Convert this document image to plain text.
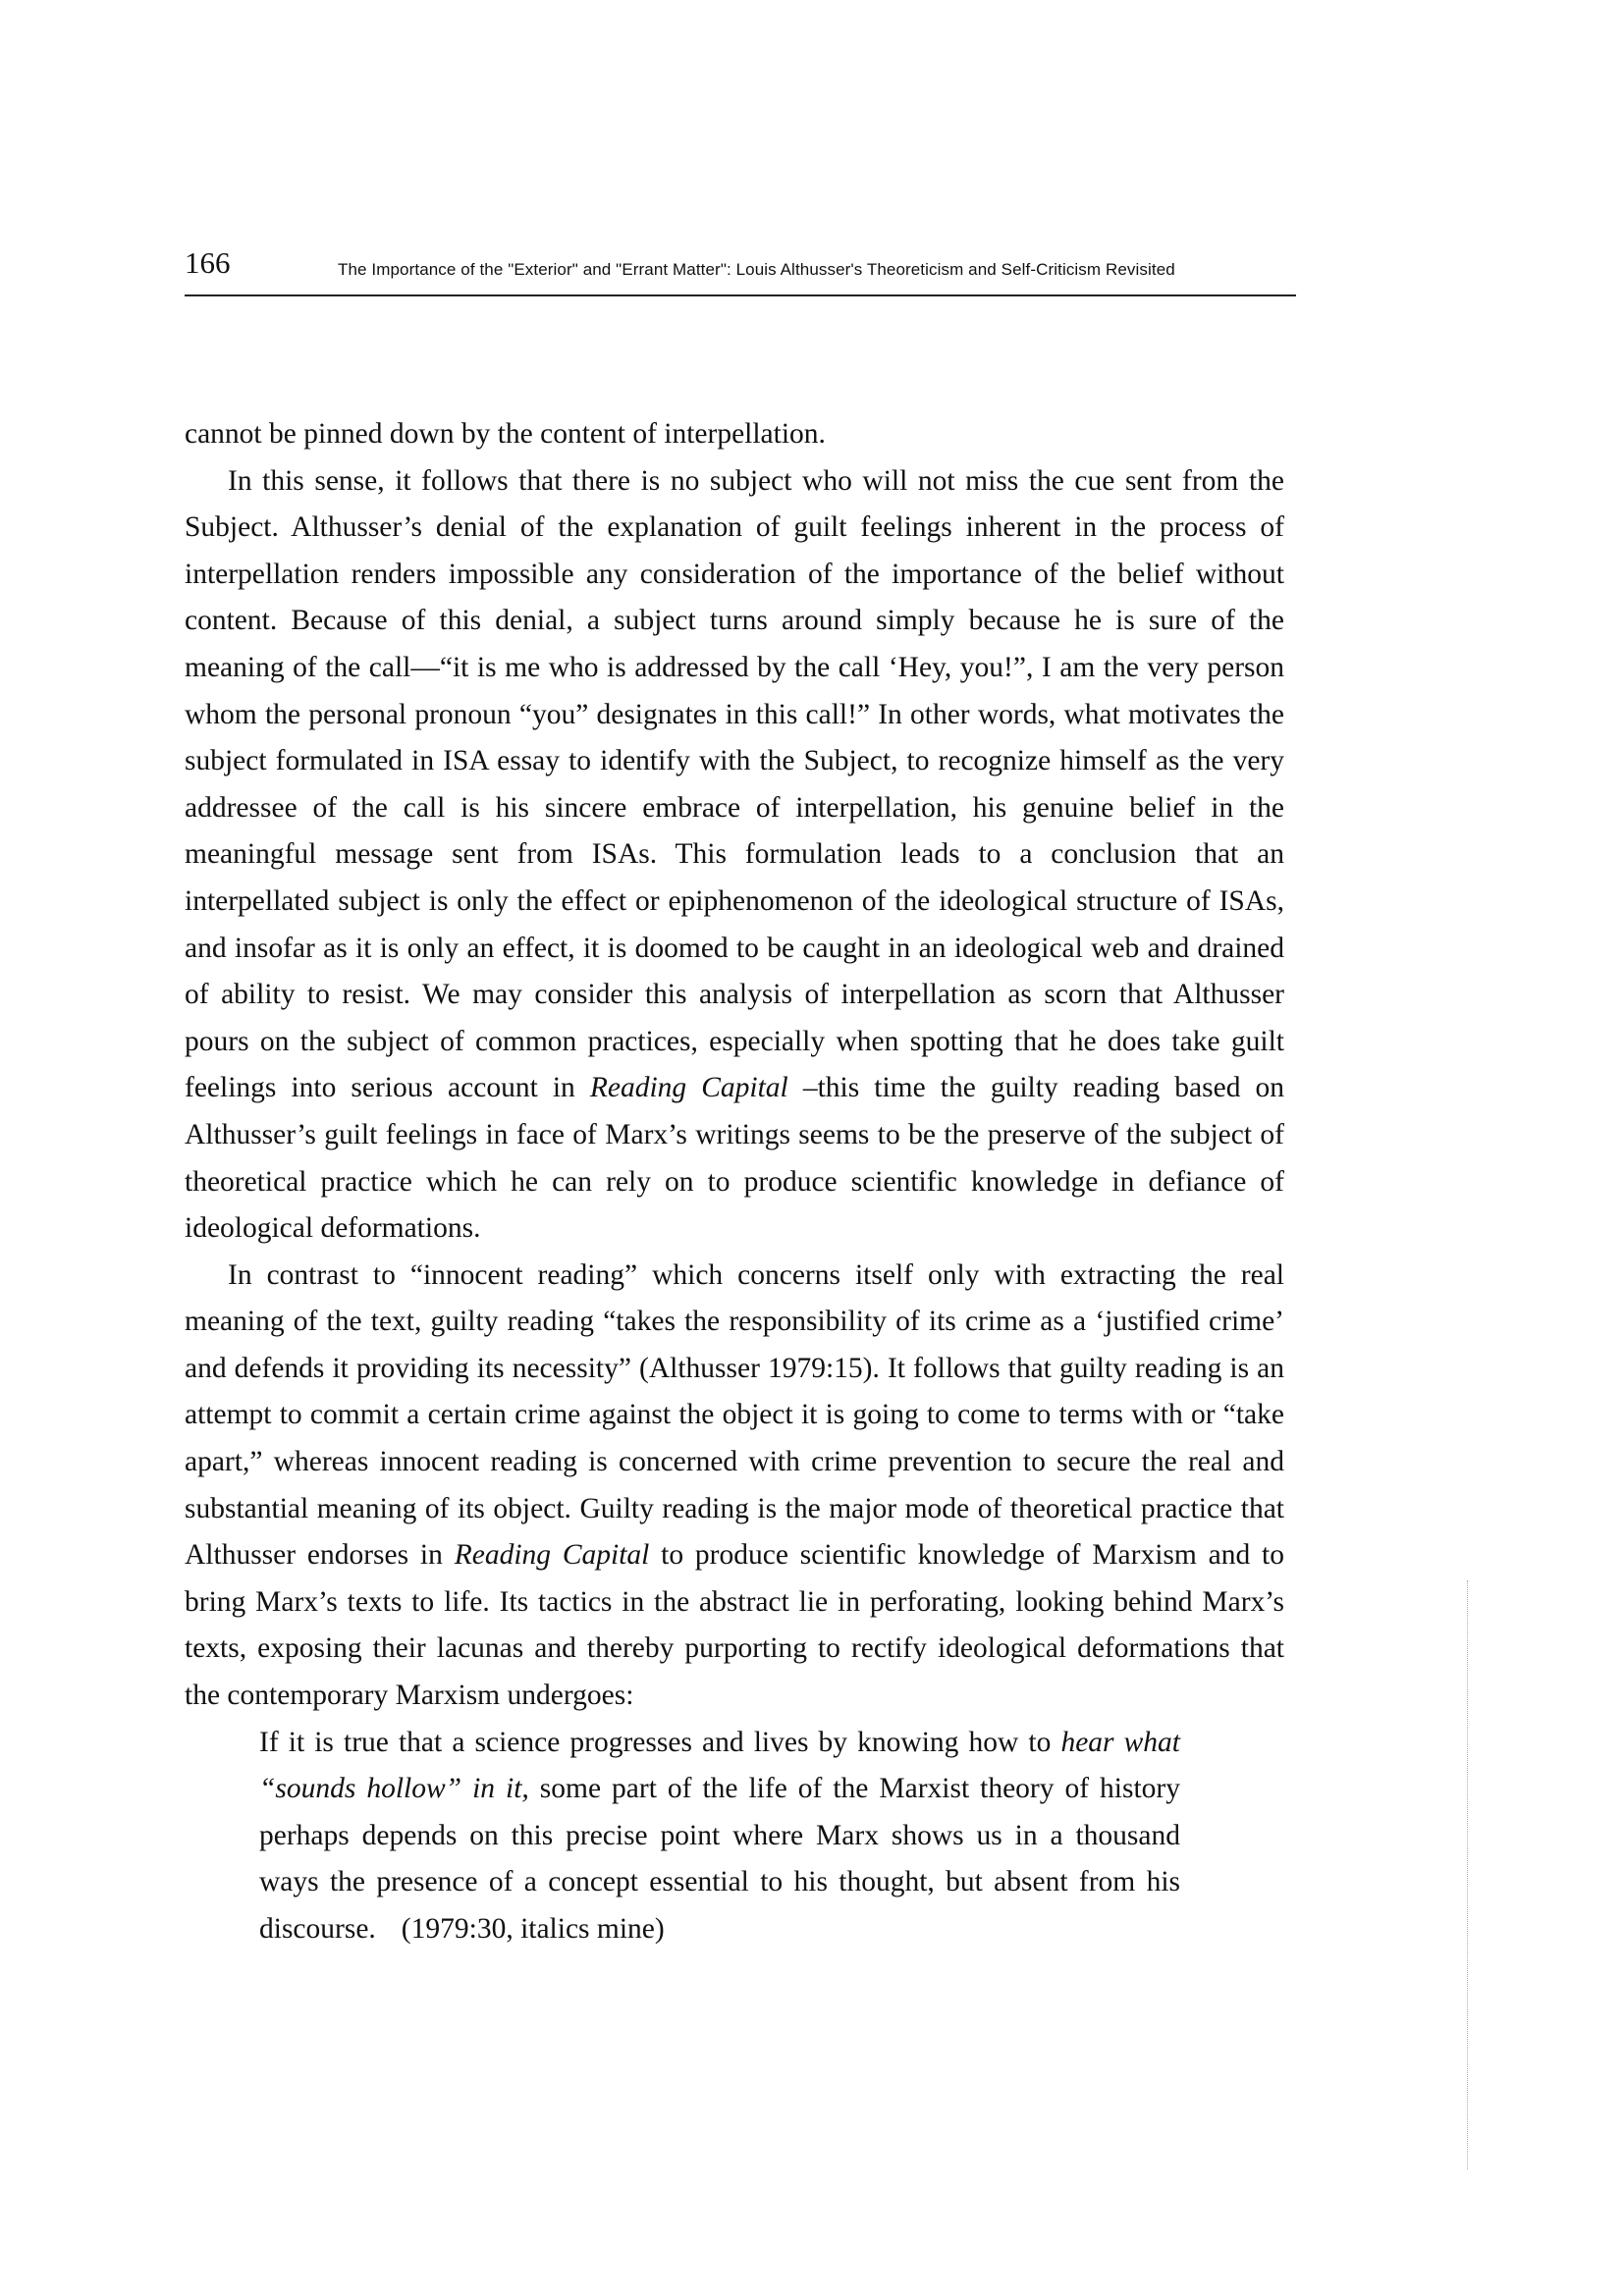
166	The Importance of the "Exterior" and "Errant Matter": Louis Althusser's Theoreticism and Self-Criticism Revisited

cannot be pinned down by the content of interpellation.

In this sense, it follows that there is no subject who will not miss the cue sent from the Subject. Althusser’s denial of the explanation of guilt feelings inherent in the process of interpellation renders impossible any consideration of the importance of the belief without content. Because of this denial, a subject turns around simply because he is sure of the meaning of the call—“it is me who is addressed by the call ‘Hey, you!”, I am the very person whom the personal pronoun “you” designates in this call!” In other words, what motivates the subject formulated in ISA essay to identify with the Subject, to recognize himself as the very addressee of the call is his sincere embrace of interpellation, his genuine belief in the meaningful message sent from ISAs. This formulation leads to a conclusion that an interpellated subject is only the effect or epiphenomenon of the ideological structure of ISAs, and insofar as it is only an effect, it is doomed to be caught in an ideological web and drained of ability to resist. We may consider this analysis of interpellation as scorn that Althusser pours on the subject of common practices, especially when spotting that he does take guilt feelings into serious account in Reading Capital –this time the guilty reading based on Althusser’s guilt feelings in face of Marx’s writings seems to be the preserve of the subject of theoretical practice which he can rely on to produce scientific knowledge in defiance of ideological deformations.

In contrast to “innocent reading” which concerns itself only with extracting the real meaning of the text, guilty reading “takes the responsibility of its crime as a ‘justified crime’ and defends it providing its necessity” (Althusser 1979:15). It follows that guilty reading is an attempt to commit a certain crime against the object it is going to come to terms with or “take apart,” whereas innocent reading is concerned with crime prevention to secure the real and substantial meaning of its object. Guilty reading is the major mode of theoretical practice that Althusser endorses in Reading Capital to produce scientific knowledge of Marxism and to bring Marx’s texts to life. Its tactics in the abstract lie in perforating, looking behind Marx’s texts, exposing their lacunas and thereby purporting to rectify ideological deformations that the contemporary Marxism undergoes:

If it is true that a science progresses and lives by knowing how to hear what “sounds hollow” in it, some part of the life of the Marxist theory of history perhaps depends on this precise point where Marx shows us in a thousand ways the presence of a concept essential to his thought, but absent from his discourse. (1979:30, italics mine)
